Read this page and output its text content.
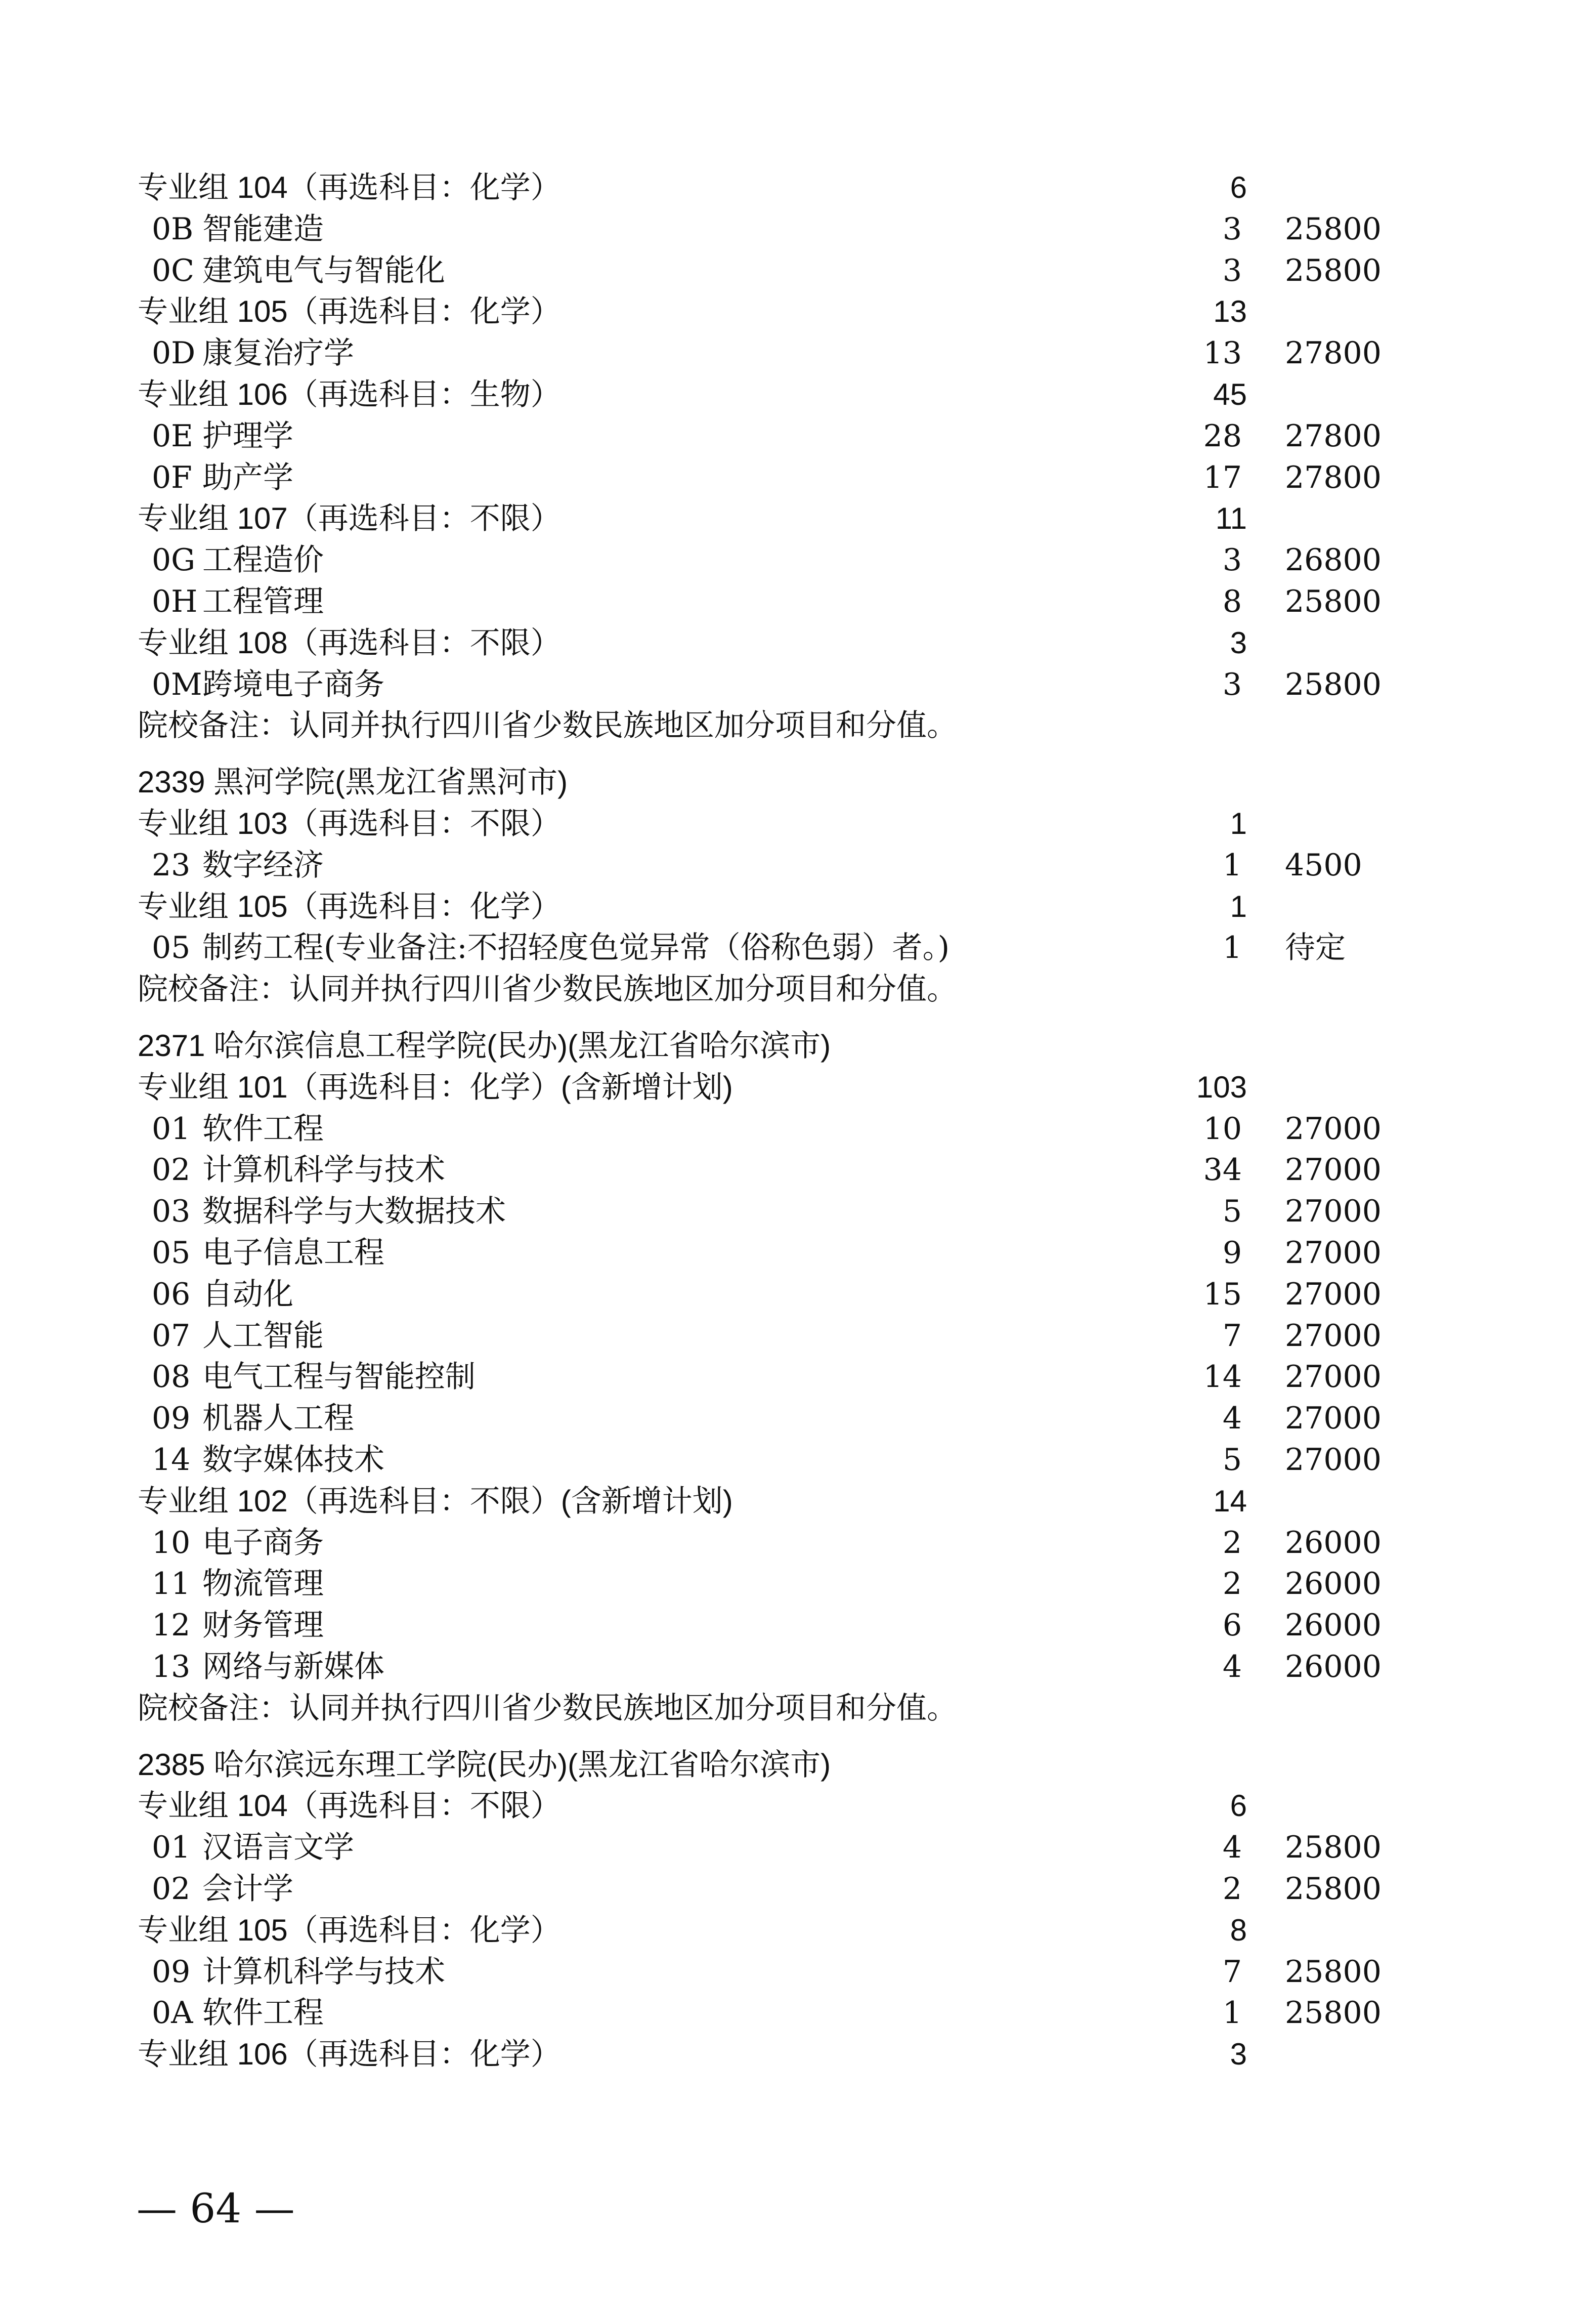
专业组 104（再选科目：化学）	6
0B 智能建造	3 25800
0C 建筑电气与智能化	3 25800
专业组 105（再选科目：化学）	13
0D 康复治疗学	13 27800
专业组 106（再选科目：生物）	45
0E 护理学	28 27800
0F 助产学	17 27800
专业组 107（再选科目：不限）	11
0G 工程造价	3 26800
0H 工程管理	8 25800
专业组 108（再选科目：不限）	3
0M 跨境电子商务	3 25800
院校备注：认同并执行四川省少数民族地区加分项目和分值。
2339 黑河学院(黑龙江省黑河市)
专业组 103（再选科目：不限）	1
23 数字经济	1 4500
专业组 105（再选科目：化学）	1
05 制药工程(专业备注:不招轻度色觉异常（俗称色弱）者。)	1 待定
院校备注：认同并执行四川省少数民族地区加分项目和分值。
2371 哈尔滨信息工程学院(民办)(黑龙江省哈尔滨市)
专业组 101（再选科目：化学）(含新增计划)	103
01 软件工程	10 27000
02 计算机科学与技术	34 27000
03 数据科学与大数据技术	5 27000
05 电子信息工程	9 27000
06 自动化	15 27000
07 人工智能	7 27000
08 电气工程与智能控制	14 27000
09 机器人工程	4 27000
14 数字媒体技术	5 27000
专业组 102（再选科目：不限）(含新增计划)	14
10 电子商务	2 26000
11 物流管理	2 26000
12 财务管理	6 26000
13 网络与新媒体	4 26000
院校备注：认同并执行四川省少数民族地区加分项目和分值。
2385 哈尔滨远东理工学院(民办)(黑龙江省哈尔滨市)
专业组 104（再选科目：不限）	6
01 汉语言文学	4 25800
02 会计学	2 25800
专业组 105（再选科目：化学）	8
09 计算机科学与技术	7 25800
0A 软件工程	1 25800
专业组 106（再选科目：化学）	3
— 64 —
